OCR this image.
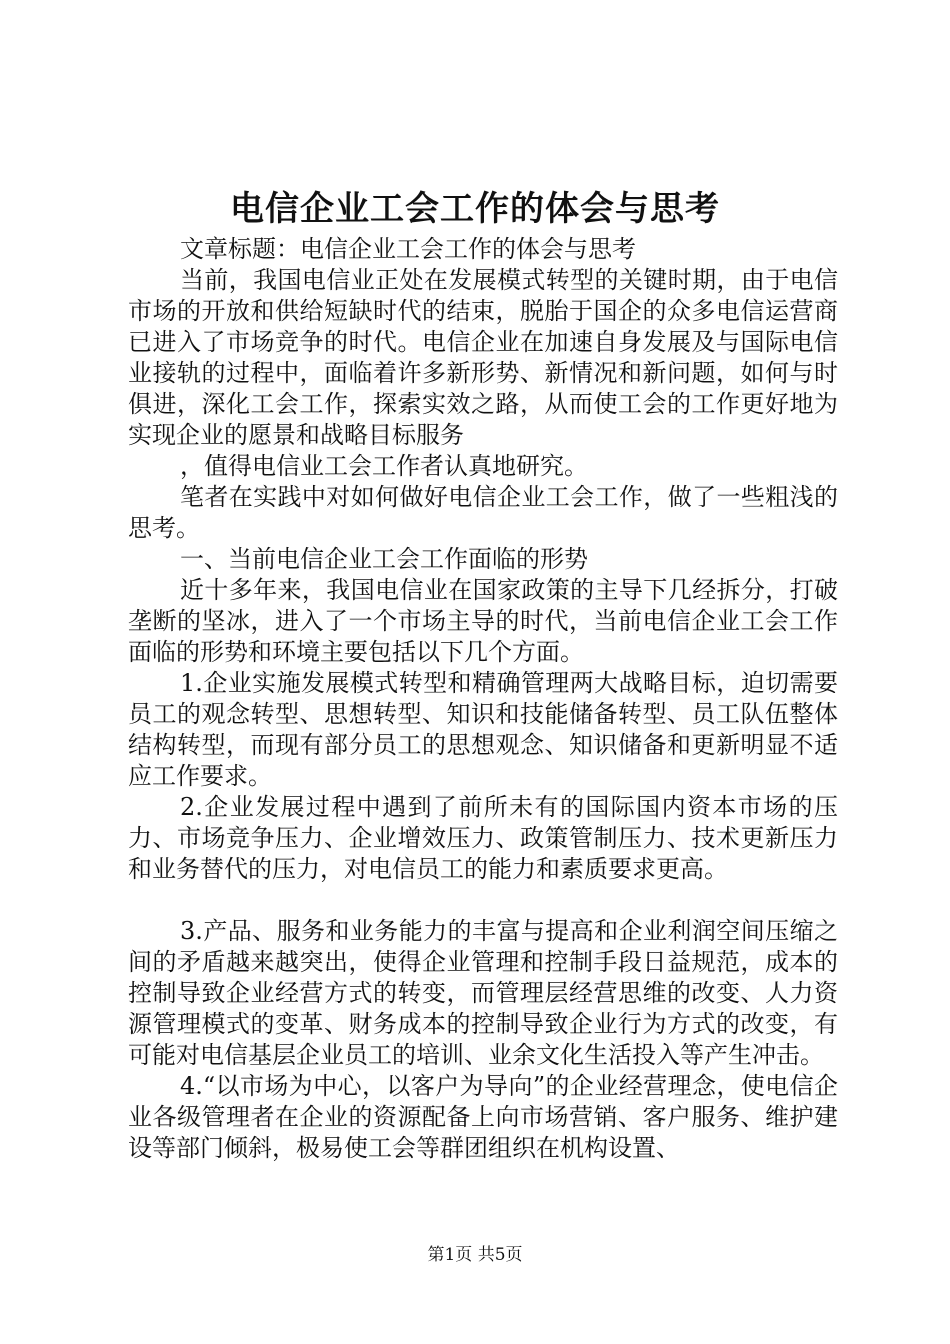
电信企业工会工作的体会与思考

文章标题：电信企业工会工作的体会与思考

当前，我国电信业正处在发展模式转型的关键时期，由于电信市场的开放和供给短缺时代的结束，脱胎于国企的众多电信运营商已进入了市场竞争的时代。电信企业在加速自身发展及与国际电信业接轨的过程中，面临着许多新形势、新情况和新问题，如何与时俱进，深化工会工作，探索实效之路，从而使工会的工作更好地为实现企业的愿景和战略目标服务

，值得电信业工会工作者认真地研究。

笔者在实践中对如何做好电信企业工会工作，做了一些粗浅的思考。

一、当前电信企业工会工作面临的形势

近十多年来，我国电信业在国家政策的主导下几经拆分，打破垄断的坚冰，进入了一个市场主导的时代，当前电信企业工会工作面临的形势和环境主要包括以下几个方面。

1.企业实施发展模式转型和精确管理两大战略目标，迫切需要员工的观念转型、思想转型、知识和技能储备转型、员工队伍整体结构转型，而现有部分员工的思想观念、知识储备和更新明显不适应工作要求。

2.企业发展过程中遇到了前所未有的国际国内资本市场的压力、市场竞争压力、企业增效压力、政策管制压力、技术更新压力和业务替代的压力，对电信员工的能力和素质要求更高。

3.产品、服务和业务能力的丰富与提高和企业利润空间压缩之间的矛盾越来越突出，使得企业管理和控制手段日益规范，成本的控制导致企业经营方式的转变，而管理层经营思维的改变、人力资源管理模式的变革、财务成本的控制导致企业行为方式的改变，有可能对电信基层企业员工的培训、业余文化生活投入等产生冲击。

4.“以市场为中心，以客户为导向”的企业经营理念，使电信企业各级管理者在企业的资源配备上向市场营销、客户服务、维护建设等部门倾斜，极易使工会等群团组织在机构设置、

第1页 共5页
